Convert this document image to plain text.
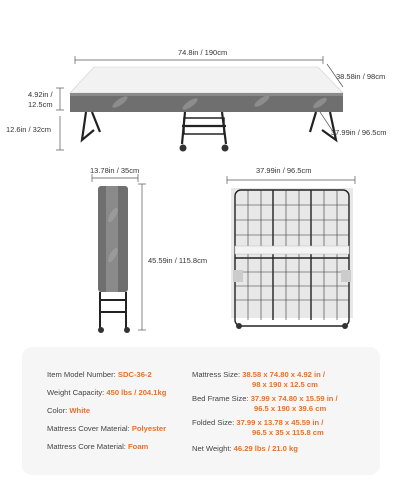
74.8in / 190cm
38.58in / 98cm
4.92in /
12.5cm
12.6in / 32cm	37.99in / 96.5cm
13.78in / 35cm
45.59in / 115.8cm
37.99in / 96.5cm
Item Model Number: SDC-36-2
Weight Capacity: 450 lbs / 204.1kg
Color: White
Mattress Cover Material: Polyester
Mattress Core Material: Foam
Mattress Size: 38.58 x 74.80 x 4.92 in /
98 x 190 x 12.5 cm
Bed Frame Size: 37.99 x 74.80 x 15.59 in /
96.5 x 190 x 39.6 cm
Folded Size: 37.99 x 13.78 x 45.59 in /
96.5 x 35 x 115.8 cm
Net Weight: 46.29 lbs / 21.0 kg
